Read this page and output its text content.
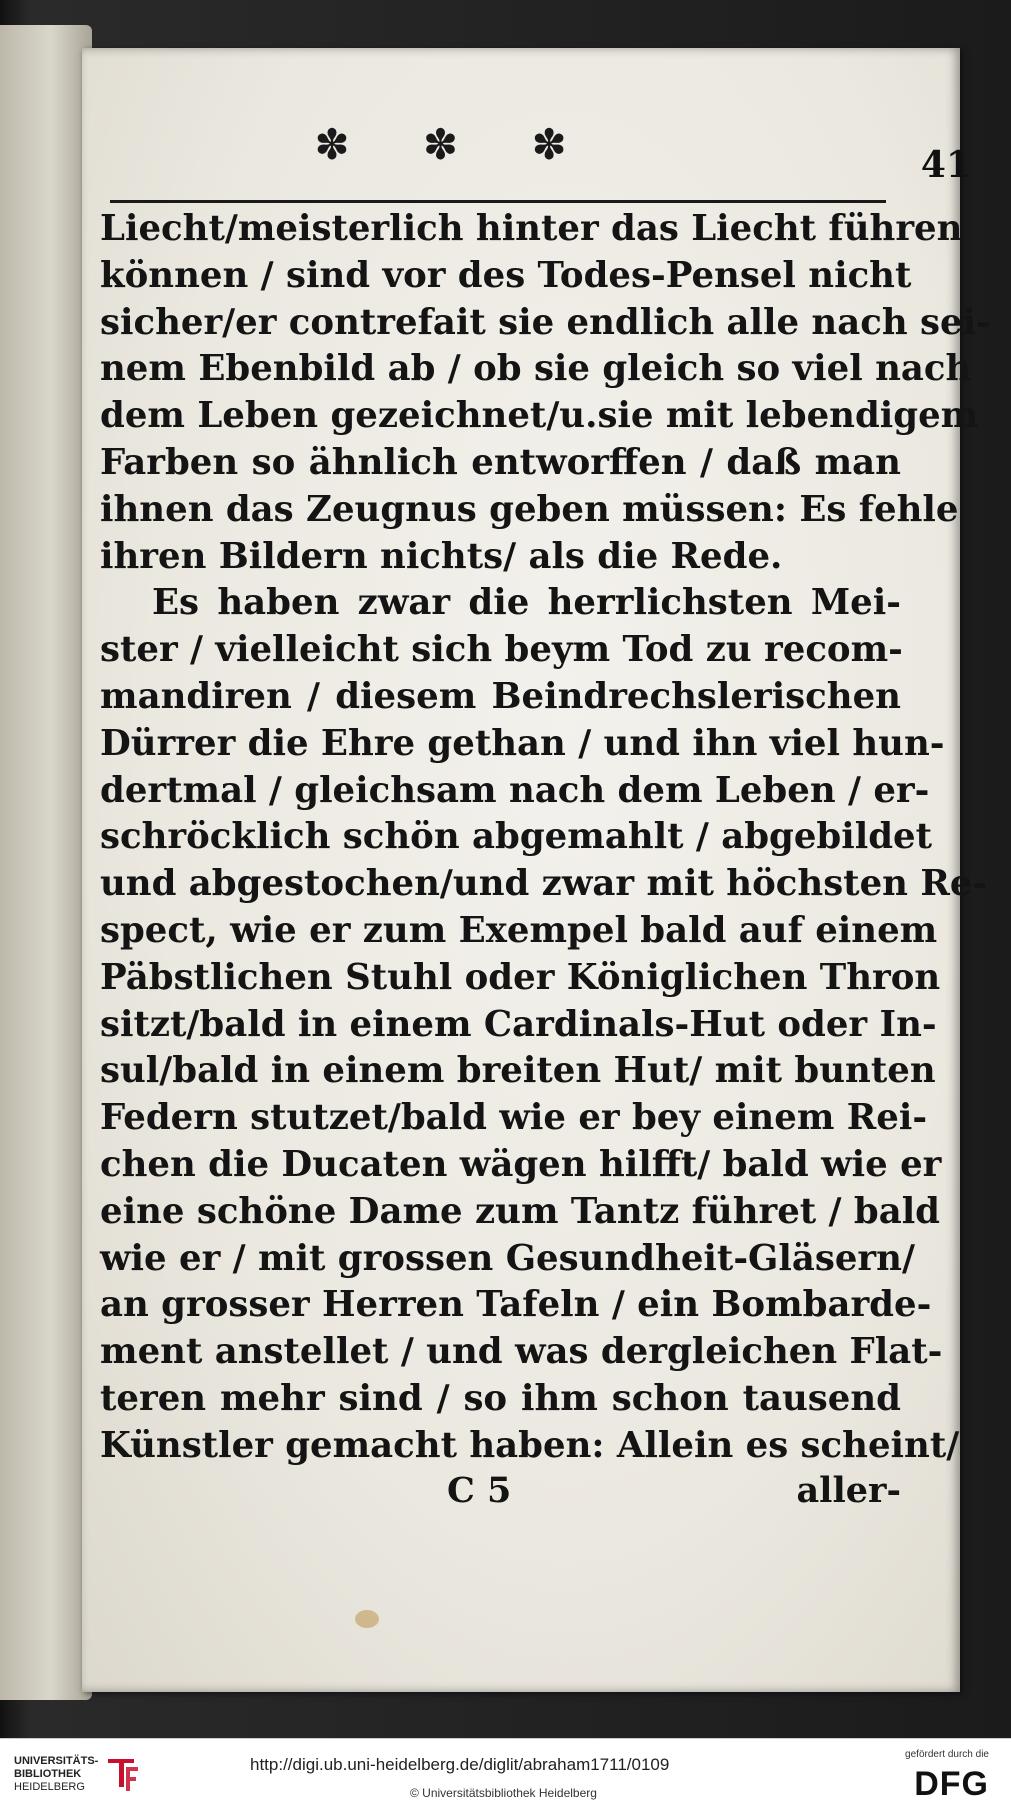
✽ ✽ ✽	41
Liecht/meisterlich hinter das Liecht führen
können / sind vor des Todes-Pensel nicht
sicher/er contrefait sie endlich alle nach sei-
nem Ebenbild ab / ob sie gleich so viel nach
dem Leben gezeichnet/u.sie mit lebendigem
Farben so ähnlich entworffen / daß man
ihnen das Zeugnus geben müssen: Es fehle
ihren Bildern nichts/ als die Rede.
Es haben zwar die herrlichsten Mei-
ster / vielleicht sich beym Tod zu recom-
mandiren / diesem Beindrechslerischen
Dürrer die Ehre gethan / und ihn viel hun-
dertmal / gleichsam nach dem Leben / er-
schröcklich schön abgemahlt / abgebildet
und abgestochen/und zwar mit höchsten Re-
spect, wie er zum Exempel bald auf einem
Päbstlichen Stuhl oder Königlichen Thron
sitzt/bald in einem Cardinals-Hut oder In-
sul/bald in einem breiten Hut/ mit bunten
Federn stutzet/bald wie er bey einem Rei-
chen die Ducaten wägen hilfft/ bald wie er
eine schöne Dame zum Tantz führet / bald
wie er / mit grossen Gesundheit-Gläsern/
an grosser Herren Tafeln / ein Bombarde-
ment anstellet / und was dergleichen Flat-
teren mehr sind / so ihm schon tausend
Künstler gemacht haben: Allein es scheint/
C 5	aller-
UNIVERSITÄTS-
BIBLIOTHEK
HEIDELBERG
http://digi.ub.uni-heidelberg.de/diglit/abraham1711/0109
© Universitätsbibliothek Heidelberg
gefördert durch die
DFG
